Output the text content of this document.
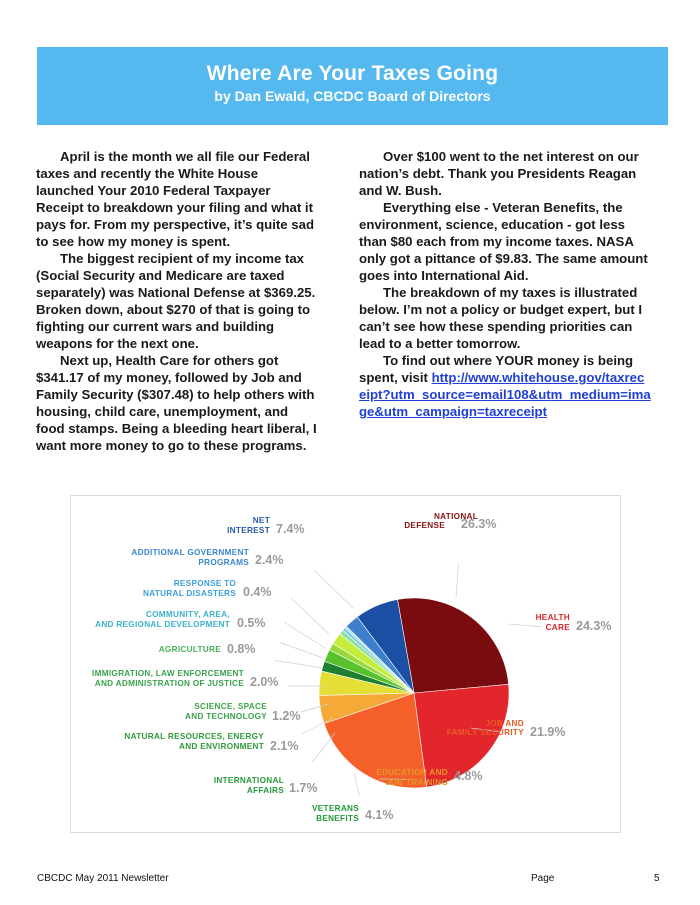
Where Are Your Taxes Going
by Dan Ewald, CBCDC Board of Directors

April is the month we all file our Federal taxes and recently the White House launched Your 2010 Federal Taxpayer Receipt to breakdown your filing and what it pays for. From my perspective, it’s quite sad to see how my money is spent.

The biggest recipient of my income tax (Social Security and Medicare are taxed separately) was National Defense at $369.25. Broken down, about $270 of that is going to fighting our current wars and building weapons for the next one.

Next up, Health Care for others got $341.17 of my money, followed by Job and Family Security ($307.48) to help others with housing, child care, unemployment, and food stamps. Being a bleeding heart liberal, I want more money to go to these programs.

Over $100 went to the net interest on our nation’s debt. Thank you Presidents Reagan and W. Bush.

Everything else - Veteran Benefits, the environment, science, education - got less than $80 each from my income taxes. NASA only got a pittance of $9.83. The same amount goes into International Aid.

The breakdown of my taxes is illustrated below. I’m not a policy or budget expert, but I can’t see how these spending priorities can lead to a better tomorrow.

To find out where YOUR money is being spent, visit http://www.whitehouse.gov/taxreceipt?utm_source=email108&utm_medium=image&utm_campaign=taxreceipt

NATIONAL
DEFENSE 26.3%
HEALTH
CARE 24.3%
JOB AND
FAMILY SECURITY 21.9%
EDUCATION AND
JOB TRAINING 4.8%
VETERANS
BENEFITS 4.1%
INTERNATIONAL
AFFAIRS 1.7%
NATURAL RESOURCES, ENERGY
AND ENVIRONMENT 2.1%
SCIENCE, SPACE
AND TECHNOLOGY 1.2%
IMMIGRATION, LAW ENFORCEMENT
AND ADMINISTRATION OF JUSTICE 2.0%
AGRICULTURE 0.8%
COMMUNITY, AREA,
AND REGIONAL DEVELOPMENT 0.5%
RESPONSE TO
NATURAL DISASTERS 0.4%
ADDITIONAL GOVERNMENT
PROGRAMS 2.4%
NET
INTEREST 7.4%
CBCDC May 2011 Newsletter	Page	5
